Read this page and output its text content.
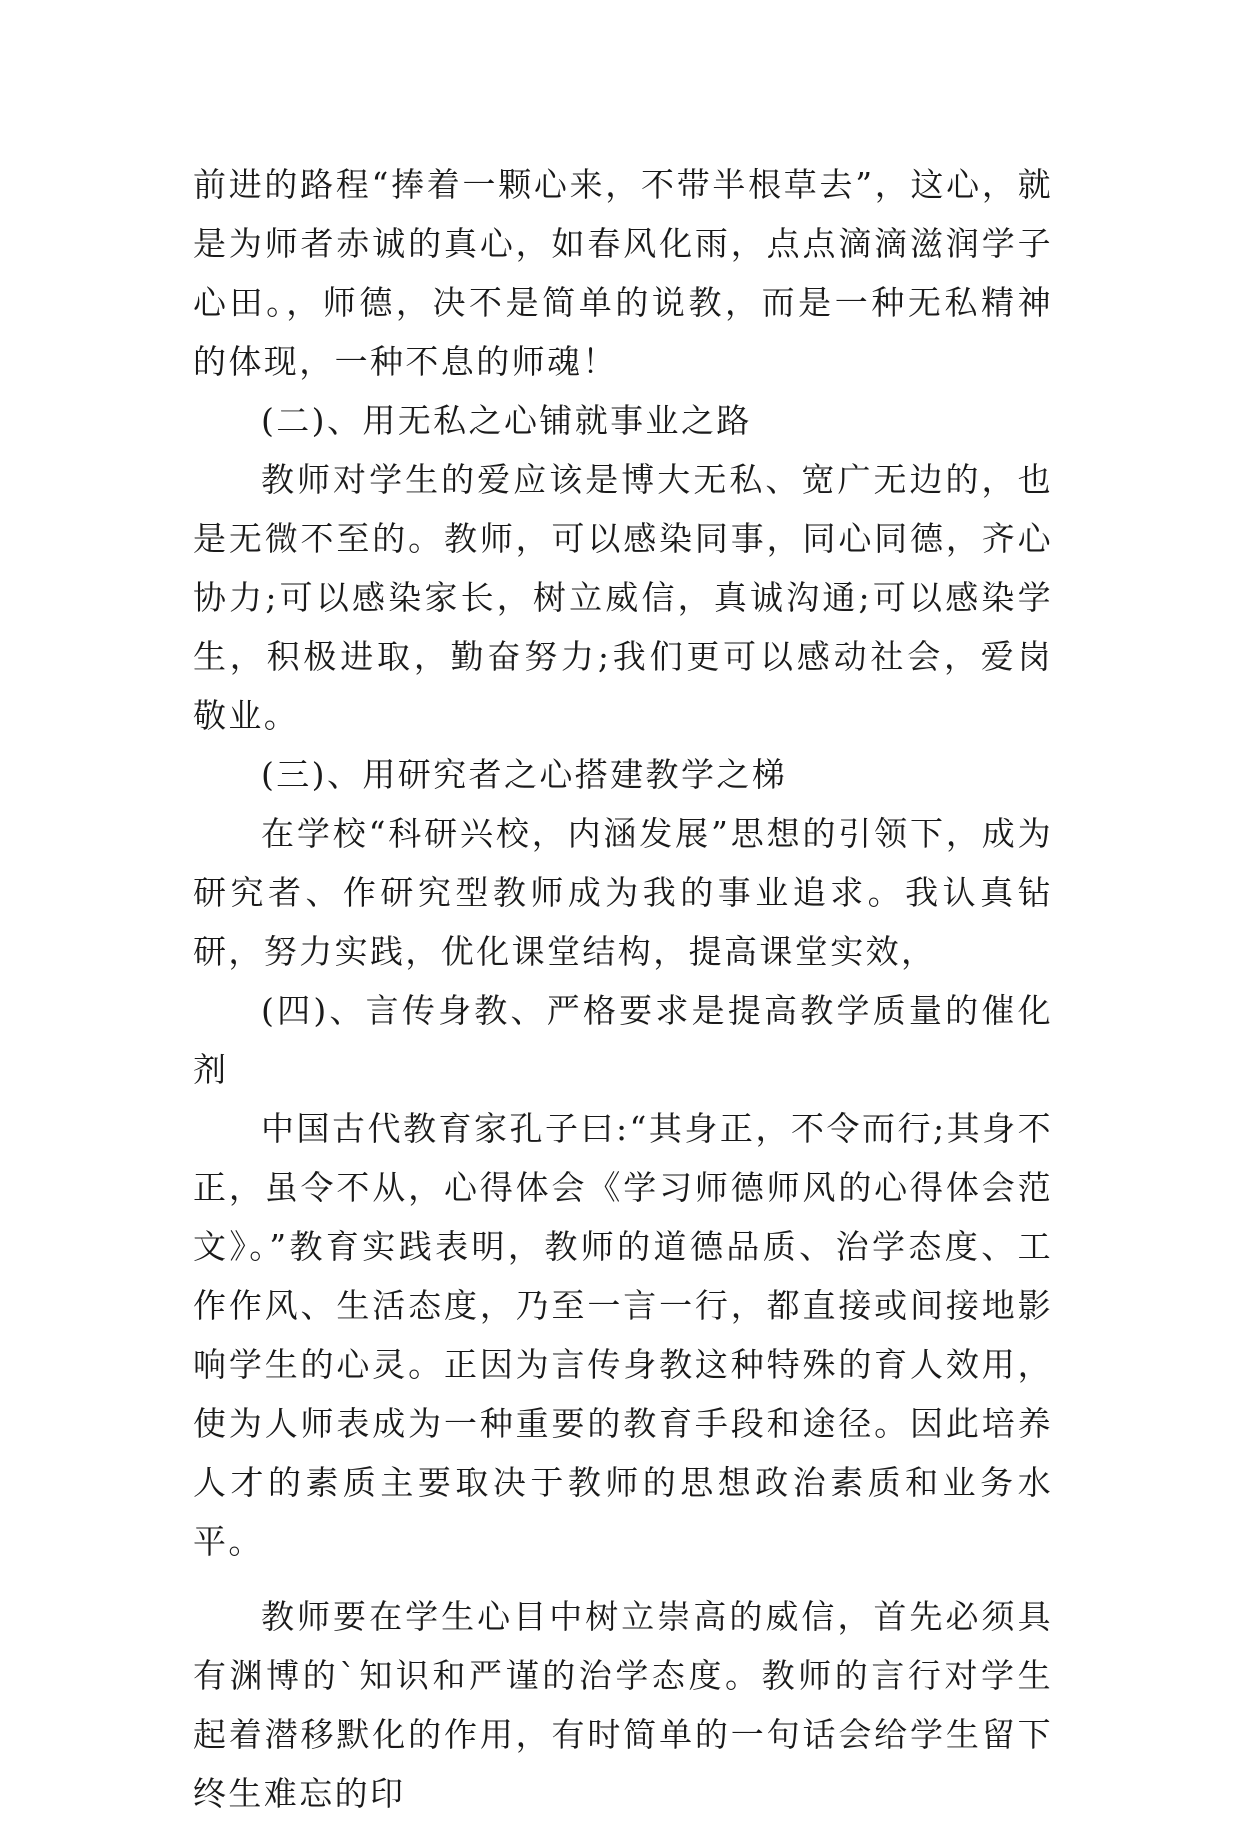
前进的路程“捧着一颗心来，不带半根草去”，这心，就是为师者赤诚的真心，如春风化雨，点点滴滴滋润学子心田。，师德，决不是简单的说教，而是一种无私精神的体现，一种不息的师魂！

(二)、用无私之心铺就事业之路

教师对学生的爱应该是博大无私、宽广无边的，也是无微不至的。教师，可以感染同事，同心同德，齐心协力;可以感染家长，树立威信，真诚沟通;可以感染学生，积极进取，勤奋努力;我们更可以感动社会，爱岗敬业。

(三)、用研究者之心搭建教学之梯

在学校“科研兴校，内涵发展”思想的引领下，成为研究者、作研究型教师成为我的事业追求。我认真钻研，努力实践，优化课堂结构，提高课堂实效，

(四)、言传身教、严格要求是提高教学质量的催化剂

中国古代教育家孔子曰:“其身正，不令而行;其身不正，虽令不从，心得体会《学习师德师风的心得体会范文》。”教育实践表明，教师的道德品质、治学态度、工作作风、生活态度，乃至一言一行，都直接或间接地影响学生的心灵。正因为言传身教这种特殊的育人效用，使为人师表成为一种重要的教育手段和途径。因此培养人才的素质主要取决于教师的思想政治素质和业务水平。

教师要在学生心目中树立崇高的威信，首先必须具有渊博的`知识和严谨的治学态度。教师的言行对学生起着潜移默化的作用，有时简单的一句话会给学生留下终生难忘的印
